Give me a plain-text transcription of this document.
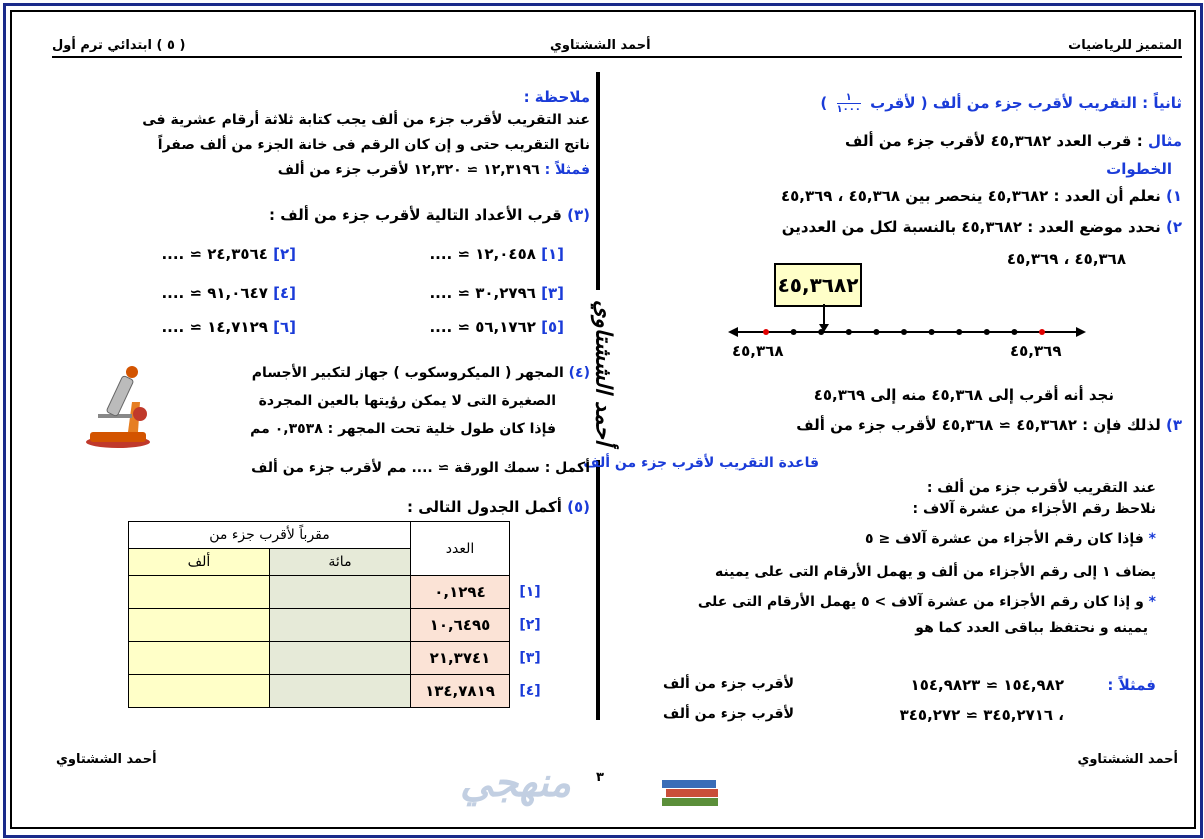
المتميز للرياضيات
أحمد الششتاوي
( ٥ ) ابتدائي ترم أول
أحمد الششتاوي
ثانياً : التقريب لأقرب جزء من ألف ( لأقرب
١
١٠٠٠
)
مثال : قرب العدد ٤٥,٣٦٨٢ لأقرب جزء من ألف
الخطوات
١) نعلم أن العدد : ٤٥,٣٦٨٢ ينحصر بين ٤٥,٣٦٨ ، ٤٥,٣٦٩
٢) نحدد موضع العدد : ٤٥,٣٦٨٢ بالنسبة لكل من العددين
٤٥,٣٦٨ ، ٤٥,٣٦٩
٤٥,٣٦٨٢
٤٥,٣٦٨	٤٥,٣٦٩
نجد أنه أقرب إلى ٤٥,٣٦٨ منه إلى ٤٥,٣٦٩
٣) لذلك فإن : ٤٥,٣٦٨٢ ≃ ٤٥,٣٦٨ لأقرب جزء من ألف
قاعدة التقريب لأقرب جزء من ألف
عند التقريب لأقرب جزء من ألف :
نلاحظ رقم الأجزاء من عشرة آلاف :
* فإذا كان رقم الأجزاء من عشرة آلاف ≤ ٥
يضاف ١ إلى رقم الأجزاء من ألف و يهمل الأرقام التى على يمينه
* و إذا كان رقم الأجزاء من عشرة آلاف > ٥ يهمل الأرقام التى على
يمينه و نحتفظ بباقى العدد كما هو
فمثلاً :
١٥٤,٩٨٢ ≃ ١٥٤,٩٨٢٣
لأقرب جزء من ألف
، ٣٤٥,٢٧١٦ ≃ ٣٤٥,٢٧٢
لأقرب جزء من ألف
ملاحظة :
عند التقريب لأقرب جزء من ألف يجب كتابة ثلاثة أرقام عشرية فى
ناتج التقريب حتى و إن كان الرقم فى خانة الجزء من ألف صفراً
فمثلاً : ١٢,٣١٩٦ ≃ ١٢,٣٢٠ لأقرب جزء من ألف
(٣) قرب الأعداد التالية لأقرب جزء من ألف :
[١] ١٢,٠٤٥٨ ≃ ....
[٢] ٢٤,٣٥٦٤ ≃ ....
[٣] ٣٠,٢٧٩٦ ≃ ....
[٤] ٩١,٠٦٤٧ ≃ ....
[٥] ٥٦,١٧٦٢ ≃ ....
[٦] ١٤,٧١٢٩ ≃ ....
(٤) المجهر ( الميكروسكوب ) جهاز لتكبير الأجسام
الصغيرة التى لا يمكن رؤيتها بالعين المجردة
فإذا كان طول خلية تحت المجهر : ٠,٣٥٣٨ مم
أكمل : سمك الورقة ≃ .... مم لأقرب جزء من ألف
(٥) أكمل الجدول التالى :
مقرباً لأقرب جزء من		العدد	
ألف	مائة		
		٠,١٢٩٤	[١]
		١٠,٦٤٩٥	[٢]
		٢١,٣٧٤١	[٣]
		١٣٤,٧٨١٩	[٤]
أحمد الششتاوي	أحمد الششتاوي
٣
منهجي
